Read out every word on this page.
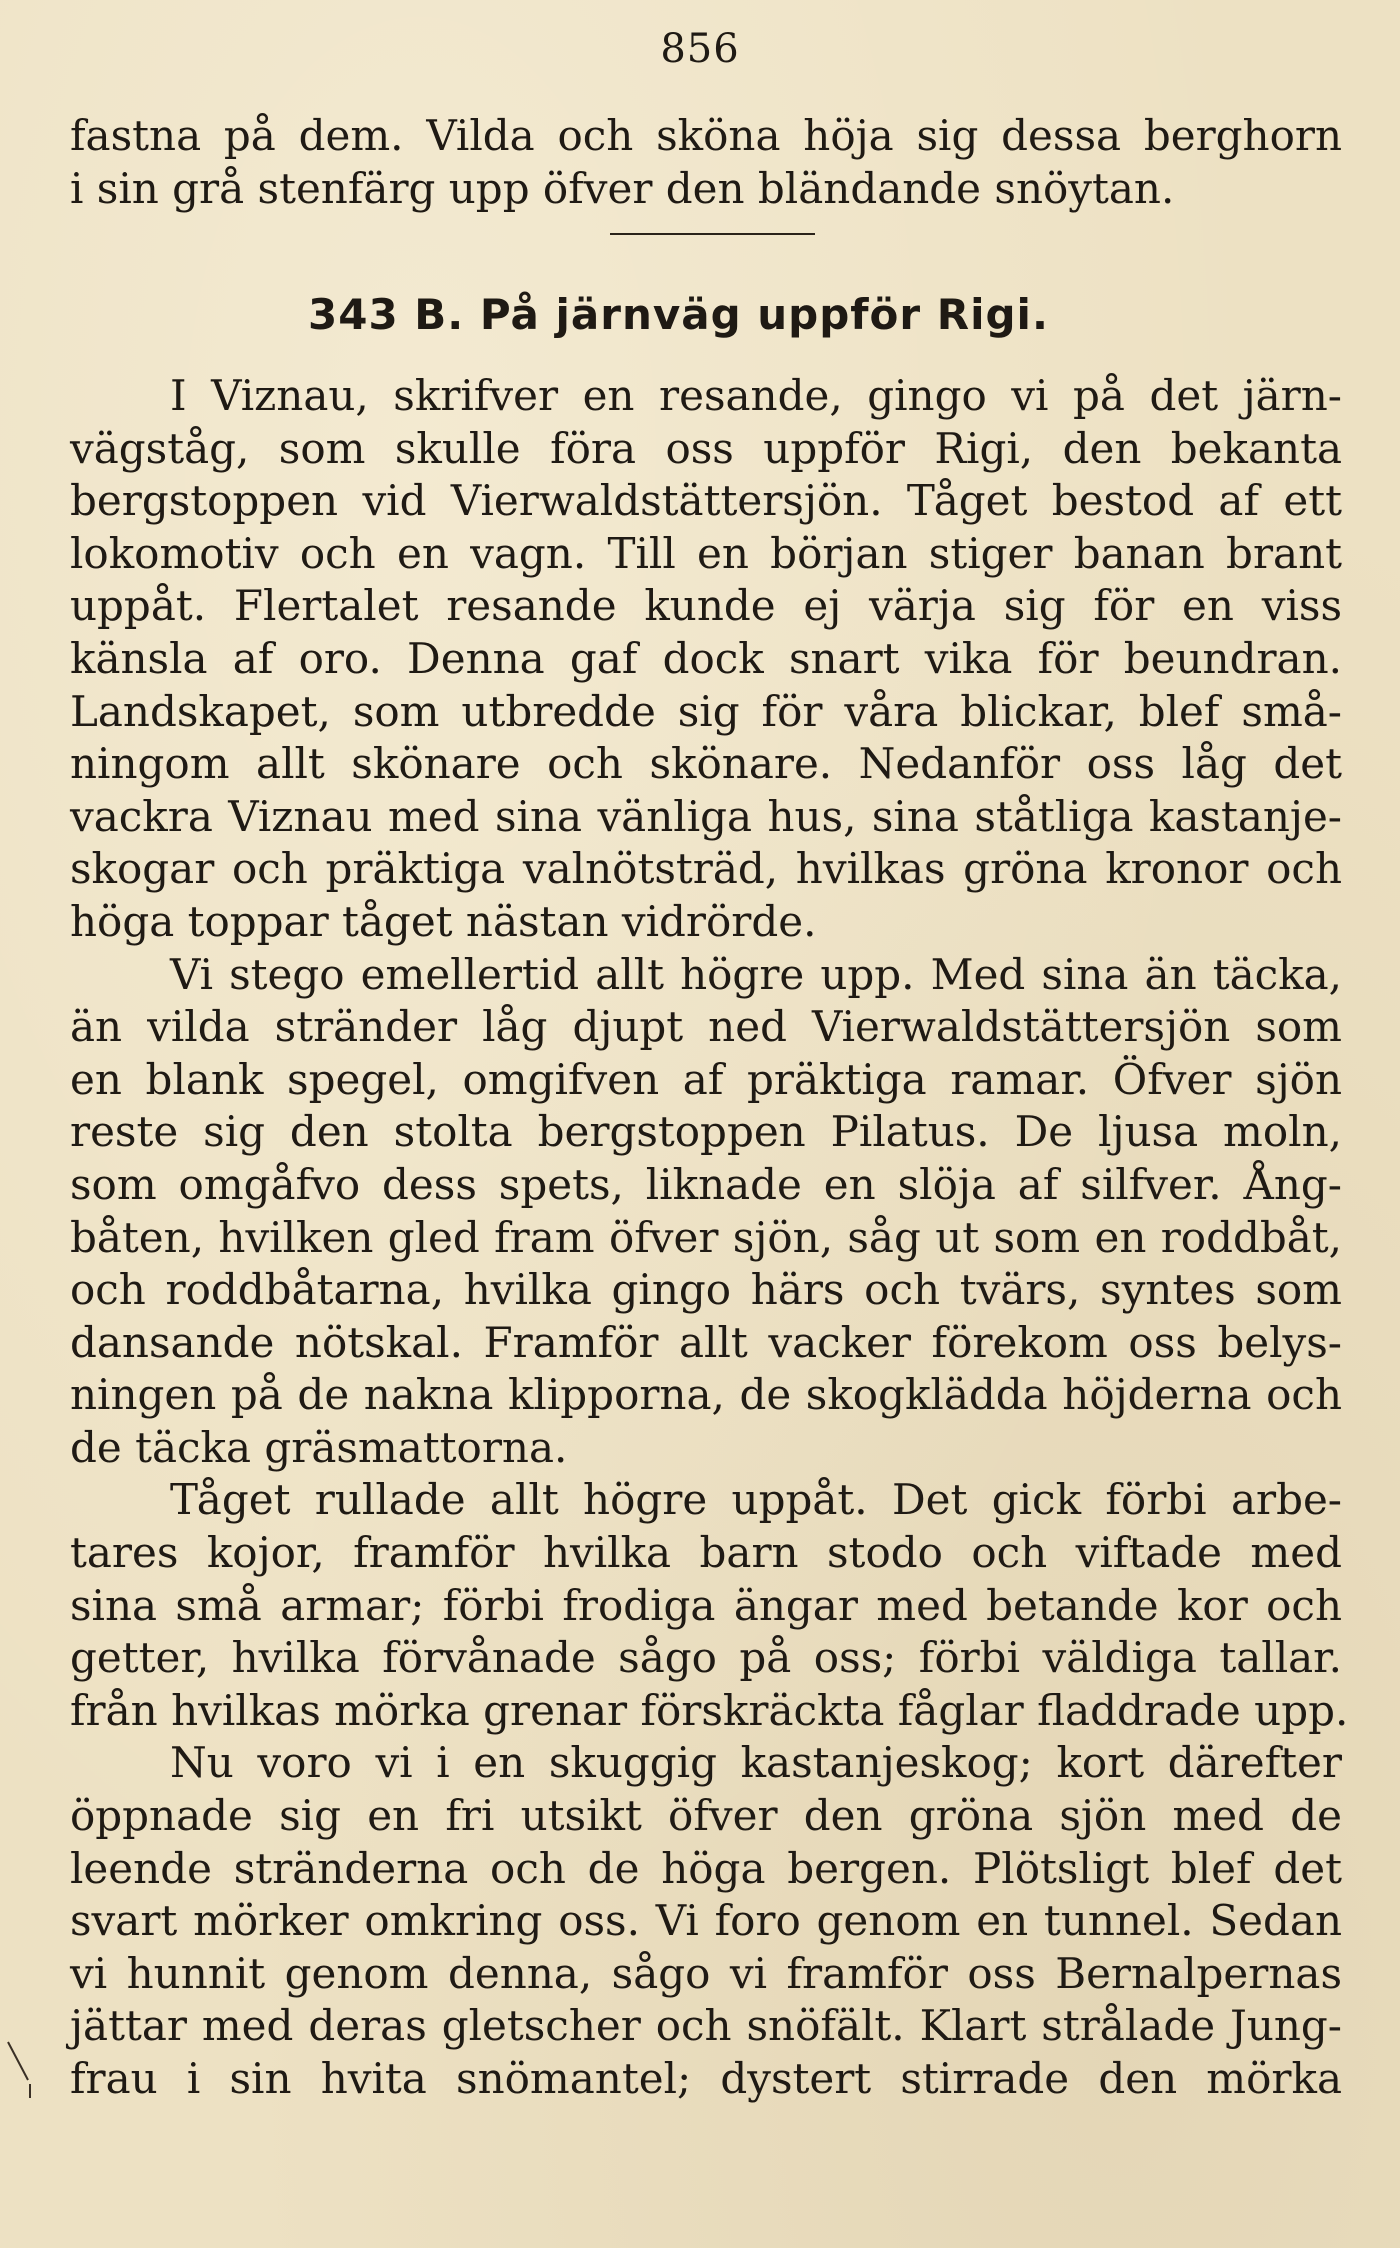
856
fastna på dem. Vilda och sköna höja sig dessa berghorn
i sin grå stenfärg upp öfver den bländande snöytan.
343 B. På järnväg uppför Rigi.
I Viznau, skrifver en resande, gingo vi på det järn-
vägståg, som skulle föra oss uppför Rigi, den bekanta
bergstoppen vid Vierwaldstättersjön. Tåget bestod af ett
lokomotiv och en vagn. Till en början stiger banan brant
uppåt. Flertalet resande kunde ej värja sig för en viss
känsla af oro. Denna gaf dock snart vika för beundran.
Landskapet, som utbredde sig för våra blickar, blef små-
ningom allt skönare och skönare. Nedanför oss låg det
vackra Viznau med sina vänliga hus, sina ståtliga kastanje-
skogar och präktiga valnötsträd, hvilkas gröna kronor och
höga toppar tåget nästan vidrörde.
Vi stego emellertid allt högre upp. Med sina än täcka,
än vilda stränder låg djupt ned Vierwaldstättersjön som
en blank spegel, omgifven af präktiga ramar. Öfver sjön
reste sig den stolta bergstoppen Pilatus. De ljusa moln,
som omgåfvo dess spets, liknade en slöja af silfver. Ång-
båten, hvilken gled fram öfver sjön, såg ut som en roddbåt,
och roddbåtarna, hvilka gingo härs och tvärs, syntes som
dansande nötskal. Framför allt vacker förekom oss belys-
ningen på de nakna klipporna, de skogklädda höjderna och
de täcka gräsmattorna.
Tåget rullade allt högre uppåt. Det gick förbi arbe-
tares kojor, framför hvilka barn stodo och viftade med
sina små armar; förbi frodiga ängar med betande kor och
getter, hvilka förvånade sågo på oss; förbi väldiga tallar.
från hvilkas mörka grenar förskräckta fåglar fladdrade upp.
Nu voro vi i en skuggig kastanjeskog; kort därefter
öppnade sig en fri utsikt öfver den gröna sjön med de
leende stränderna och de höga bergen. Plötsligt blef det
svart mörker omkring oss. Vi foro genom en tunnel. Sedan
vi hunnit genom denna, sågo vi framför oss Bernalpernas
jättar med deras gletscher och snöfält. Klart strålade Jung-
frau i sin hvita snömantel; dystert stirrade den mörka
